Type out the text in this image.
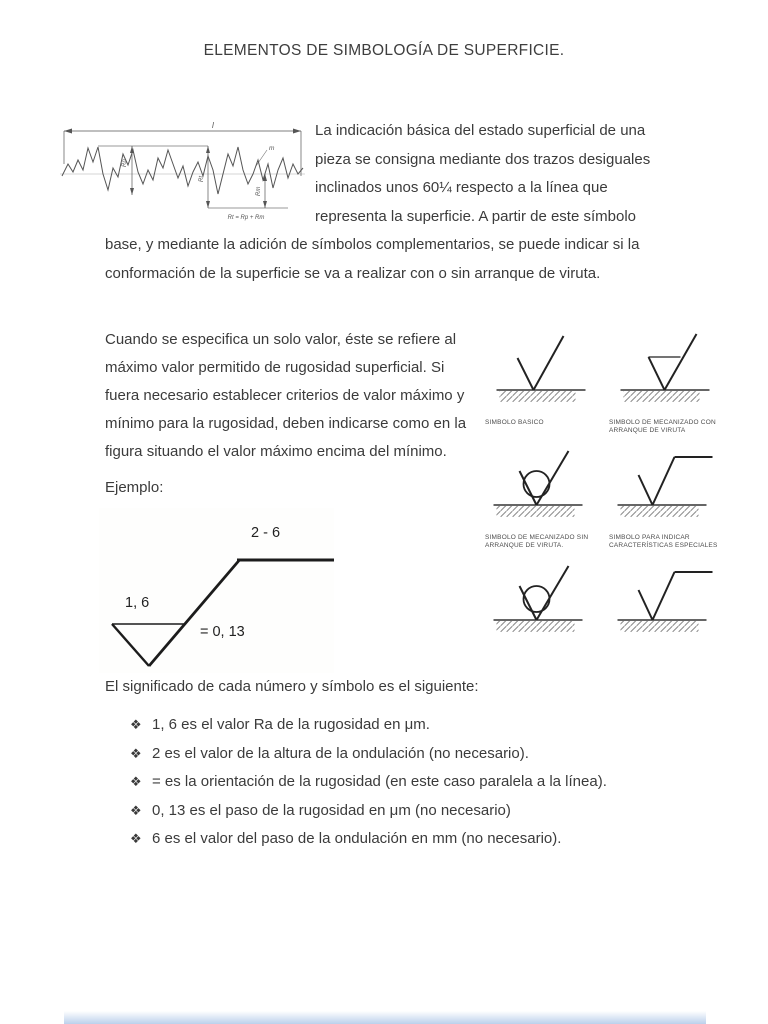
ELEMENTOS DE SIMBOLOGÍA DE SUPERFICIE.
l
Rp
Rt
Rm
m
Rt = Rp + Rm

La indicación básica del estado superficial de una pieza se consigna mediante dos trazos desiguales inclinados unos 60¼ respecto a la línea que representa la superficie. A partir de este símbolo base, y mediante la adición de símbolos complementarios, se puede indicar si la conformación de la superficie se va a realizar con o sin arranque de viruta.

SIMBOLO BASICO	SIMBOLO DE MECANIZADO CON ARRANQUE DE VIRUTA
SIMBOLO DE MECANIZADO SIN ARRANQUE DE VIRUTA.
SIMBOLO PARA INDICAR CARACTERÍSTICAS ESPECIALES

Cuando se especifica un solo valor, éste se refiere al máximo valor permitido de rugosidad superficial. Si fuera necesario establecer criterios de valor máximo y mínimo para la rugosidad, deben indicarse como en la figura situando el valor máximo encima del mínimo.

Ejemplo:

2 - 6
1, 6
= 0, 13
El significado de cada número y símbolo es el siguiente:
❖ 1, 6 es el valor Ra de la rugosidad en μm.
❖ 2 es el valor de la altura de la ondulación (no necesario).
❖ = es la orientación de la rugosidad (en este caso paralela a la línea).
❖ 0, 13 es el paso de la rugosidad en μm (no necesario)
❖ 6 es el valor del paso de la ondulación en mm (no necesario).
